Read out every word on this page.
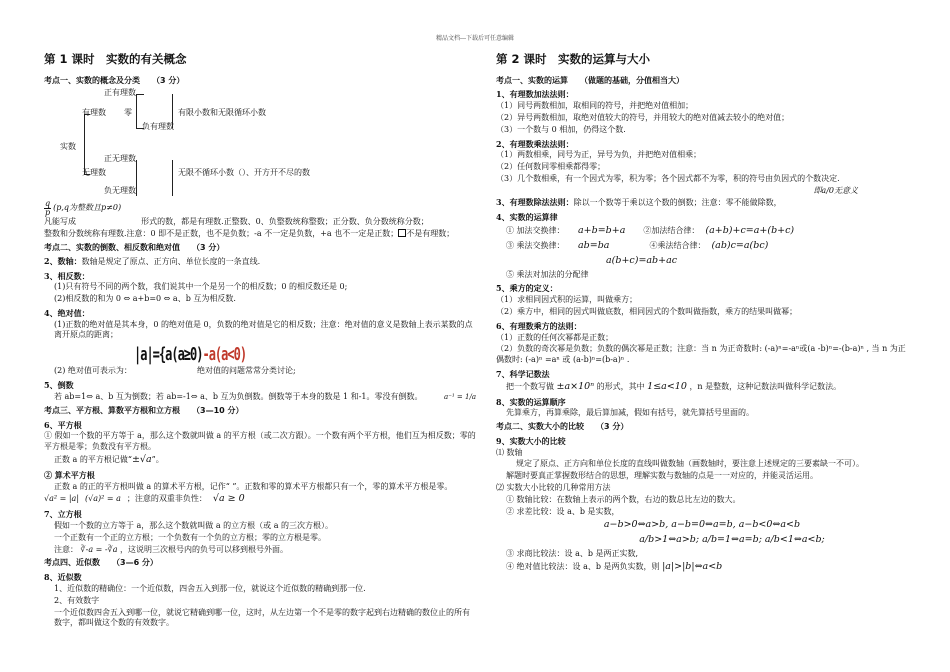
精品文档---下载后可任意编辑
第 1 课时　实数的有关概念
考点一、实数的概念及分类　　（3 分）
实数
有理数
无理数
正有理数
零
负有理数
有限小数和无限循环小数
正无理数
负无理数
无限不循环小数（）、开方开不尽的数
$\frac{q}{p} (p,q$为整数且p≠0)
凡能写成	形式的数，都是有理数.正整数、0、负整数统称整数；正分数、负分数统称分数；
整数和分数统称有理数.注意：0 即不是正数，也不是负数；-a 不一定是负数，+a 也不一定是正数； 不是有理数；
考点二、实数的倒数、相反数和绝对值　　（3 分）
2、数轴：数轴是规定了原点、正方向、单位长度的一条直线.
3、相反数：
(1)只有符号不同的两个数，我们说其中一个是另一个的相反数；0 的相反数还是 0;
(2)相反数的和为 0 ⇔ a+b=0 ⇔ a、b 互为相反数.
4、绝对值：
(1)正数的绝对值是其本身，0 的绝对值是 0，负数的绝对值是它的相反数；注意：绝对值的意义是数轴上表示某数的点离开原点的距离；
|a|={a(a≥0)-a(a<0)
(2) 绝对值可表示为：	绝对值的问题常常分类讨论;
5、倒数
若 ab=1⇔ a、b 互为倒数；若 ab=-1⇔ a、b 互为负倒数。倒数等于本身的数是 1 和-1。零没有倒数。	a⁻¹ = 1/a
考点三、平方根、算数平方根和立方根　　（3—10 分）
6、平方根
① 假如一个数的平方等于 a，那么这个数就叫做 a 的平方根（或二次方跟）。一个数有两个平方根，他们互为相反数；零的平方根是零；负数没有平方根。
正数 a 的平方根记做“±√a”。
② 算术平方根
正数 a 的正的平方根叫做 a 的算术平方根，记作“ ”。正数和零的算术平方根都只有一个，零的算术平方根是零。
√a² = |a| (√a)² = a ；注意的双重非负性： √a ≥ 0
7、立方根
假如一个数的立方等于 a，那么这个数就叫做 a 的立方根（或 a 的三次方根）。
一个正数有一个正的立方根；一个负数有一个负的立方根；零的立方根是零。
注意： ∛-a = -∛a ，这说明三次根号内的负号可以移到根号外面。
考点四、近似数　　（3—6 分）
8、近似数
1、近似数的精确位：一个近似数，四舍五入到那一位，就说这个近似数的精确到那一位.
2、有效数字
一个近似数四舍五入到哪一位，就说它精确到哪一位，这时，从左边第一个不是零的数字起到右边精确的数位止的所有数字，都叫做这个数的有效数字。
第 2 课时　实数的运算与大小
考点一、实数的运算　　（做题的基础，分值相当大）
1、有理数加法法则：
（1）同号两数相加，取相同的符号，并把绝对值相加；
（2）异号两数相加，取绝对值较大的符号，并用较大的绝对值减去较小的绝对值；
（3）一个数与 0 相加，仍得这个数.
2、有理数乘法法则：
（1）两数相乘，同号为正，异号为负，并把绝对值相乘；
（2）任何数同零相乘都得零；
（3）几个数相乘，有一个因式为零，积为零；各个因式都不为零，积的符号由负因式的个数决定.
即a/0无意义
3、有理数除法法则：除以一个数等于乘以这个数的倒数；注意：零不能做除数，
4、实数的运算律
① 加法交换律：	a+b=b+a ②加法结合律： (a+b)+c=a+(b+c)
③ 乘法交换律：	ab=ba	④乘法结合律： (ab)c=a(bc)
a(b+c)=ab+ac
⑤ 乘法对加法的分配律
5、乘方的定义：
（1）求相同因式积的运算，叫做乘方；
（2）乘方中，相同的因式叫做底数，相同因式的个数叫做指数，乘方的结果叫做幂；
6、有理数乘方的法则：
（1）正数的任何次幂都是正数；
（2）负数的奇次幂是负数；负数的偶次幂是正数；注意：当 n 为正奇数时: (-a)ⁿ=-aⁿ或(a -b)ⁿ=-(b-a)ⁿ , 当 n 为正偶数时: (-a)ⁿ =aⁿ 或 (a-b)ⁿ=(b-a)ⁿ .
7、科学记数法
把一个数写做 ±a×10ⁿ 的形式，其中 1≤a<10 ，n 是整数，这种记数法叫做科学记数法。
8、实数的运算顺序
先算乘方，再算乘除，最后算加减，假如有括号，就先算括号里面的。
考点二、实数大小的比较　　（3 分）
9、实数大小的比较
⑴ 数轴
规定了原点、正方向和单位长度的直线叫做数轴（画数轴时，要注意上述规定的三要素缺一不可）。
解题时要真正掌握数形结合的思想，理解实数与数轴的点是一一对应的，并能灵活运用。
⑵ 实数大小比较的几种常用方法
① 数轴比较：在数轴上表示的两个数，右边的数总比左边的数大。
② 求差比较：设 a、b 是实数，
a−b>0⇔a>b, a−b=0⇔a=b, a−b<0⇔a<b
a/b>1⇔a>b; a/b=1⇔a=b; a/b<1⇔a<b;
③ 求商比较法：设 a、b 是两正实数,
④ 绝对值比较法：设 a、b 是两负实数，则 |a|>|b|⇔a<b
